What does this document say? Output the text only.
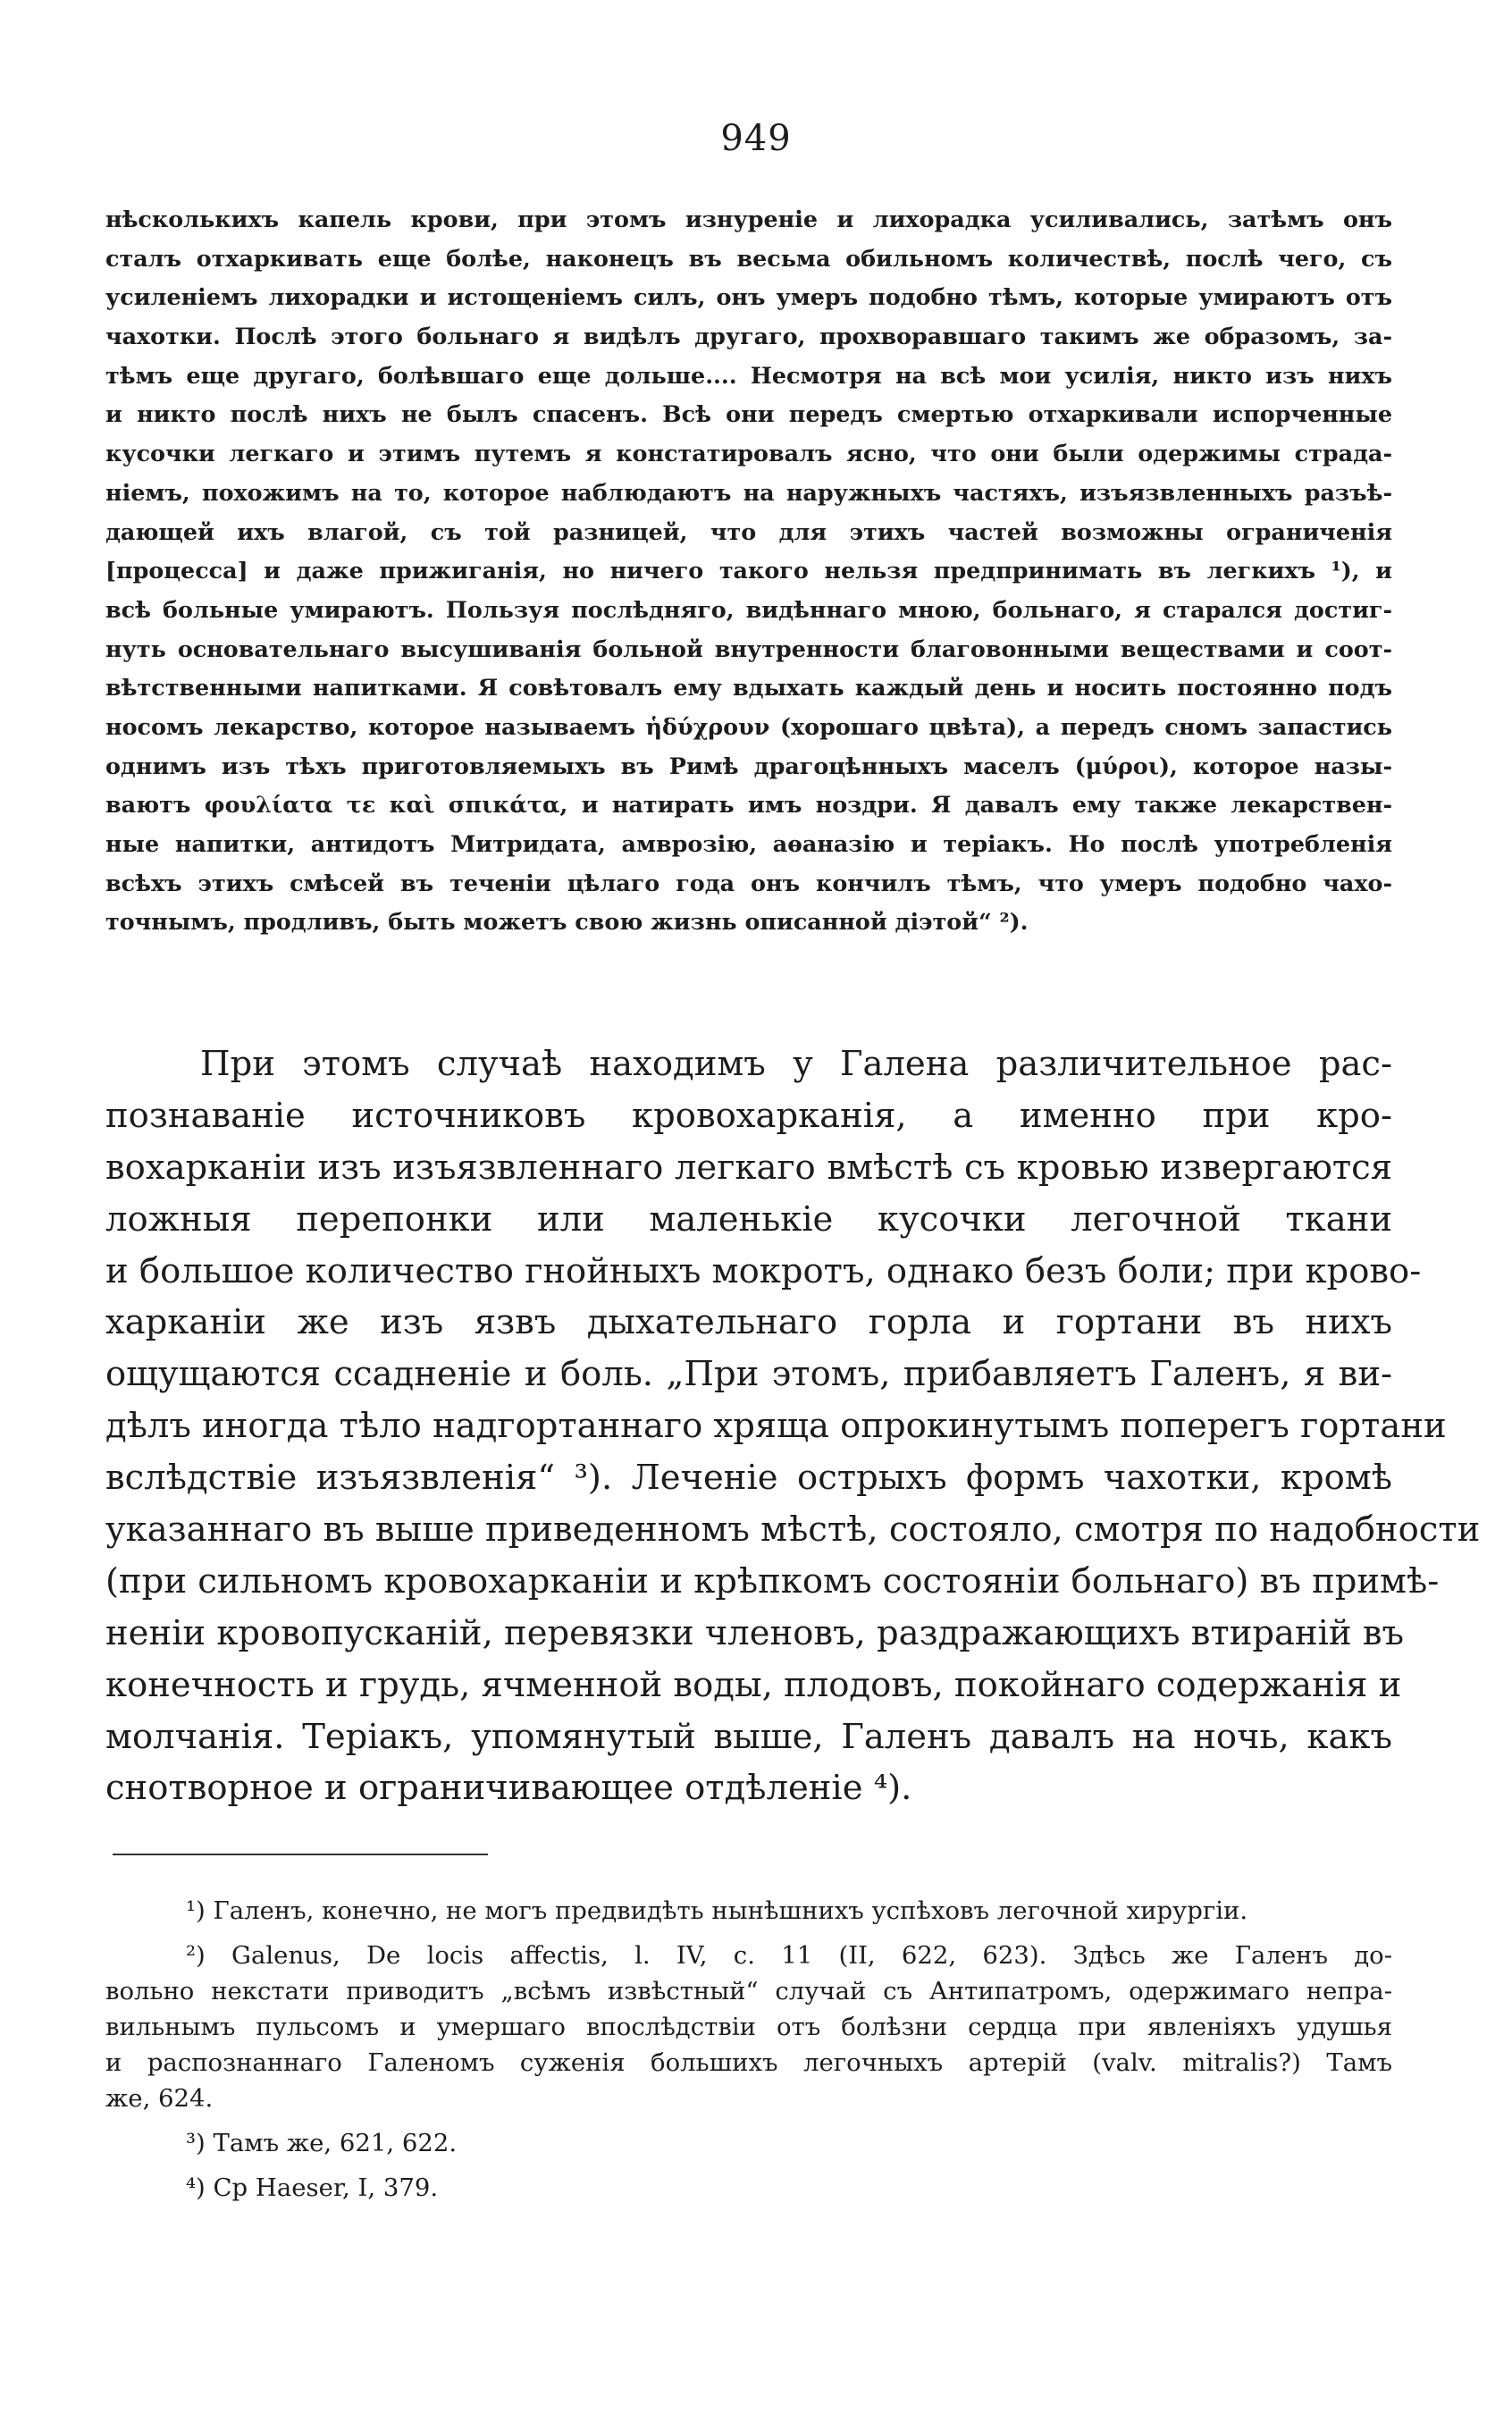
949
нѣсколькихъ капель крови, при этомъ изнуреніе и лихорадка усиливались, затѣмъ онъ
сталъ отхаркивать еще болѣе, наконецъ въ весьма обильномъ количествѣ, послѣ чего, съ
усиленіемъ лихорадки и истощеніемъ силъ, онъ умеръ подобно тѣмъ, которые умираютъ отъ
чахотки. Послѣ этого больнаго я видѣлъ другаго, прохворавшаго такимъ же образомъ, за-
тѣмъ еще другаго, болѣвшаго еще дольше.... Несмотря на всѣ мои усилія, никто изъ нихъ
и никто послѣ нихъ не былъ спасенъ. Всѣ они передъ смертью отхаркивали испорченные
кусочки легкаго и этимъ путемъ я констатировалъ ясно, что они были одержимы страда-
ніемъ, похожимъ на то, которое наблюдаютъ на наружныхъ частяхъ, изъязвленныхъ разъѣ-
дающей ихъ влагой, съ той разницей, что для этихъ частей возможны ограниченія
[процесса] и даже прижиганія, но ничего такого нельзя предпринимать въ легкихъ ¹), и
всѣ больные умираютъ. Пользуя послѣдняго, видѣннаго мною, больнаго, я старался достиг-
нуть основательнаго высушиванія больной внутренности благовонными веществами и соот-
вѣтственными напитками. Я совѣтовалъ ему вдыхать каждый день и носить постоянно подъ
носомъ лекарство, которое называемъ ἡδύχρουν (хорошаго цвѣта), а передъ сномъ запастись
однимъ изъ тѣхъ приготовляемыхъ въ Римѣ драгоцѣнныхъ маселъ (μύροι), которое назы-
ваютъ φουλίατα τε καὶ σπικάτα, и натирать имъ ноздри. Я давалъ ему также лекарствен-
ные напитки, антидотъ Митридата, амврозію, аѳаназію и теріакъ. Но послѣ употребленія
всѣхъ этихъ смѣсей въ теченіи цѣлаго года онъ кончилъ тѣмъ, что умеръ подобно чахо-
точнымъ, продливъ, быть можетъ свою жизнь описанной діэтой“ ²).
При этомъ случаѣ находимъ у Галена различительное рас-
познаваніе источниковъ кровохарканія, а именно при кро-
вохарканіи изъ изъязвленнаго легкаго вмѣстѣ съ кровью извергаются
ложныя перепонки или маленькіе кусочки легочной ткани
и большое количество гнойныхъ мокротъ, однако безъ боли; при крово-
харканіи же изъ язвъ дыхательнаго горла и гортани въ нихъ
ощущаются ссадненіе и боль. „При этомъ, прибавляетъ Галенъ, я ви-
дѣлъ иногда тѣло надгортаннаго хряща опрокинутымъ поперегъ гортани
вслѣдствіе изъязвленія“ ³). Леченіе острыхъ формъ чахотки, кромѣ
указаннаго въ выше приведенномъ мѣстѣ, состояло, смотря по надобности
(при сильномъ кровохарканіи и крѣпкомъ состояніи больнаго) въ примѣ-
неніи кровопусканій, перевязки членовъ, раздражающихъ втираній въ
конечность и грудь, ячменной воды, плодовъ, покойнаго содержанія и
молчанія. Теріакъ, упомянутый выше, Галенъ давалъ на ночь, какъ
снотворное и ограничивающее отдѣленіе ⁴).
¹) Галенъ, конечно, не могъ предвидѣть нынѣшнихъ успѣховъ легочной хирургіи.
²) Galenus, De locis affectis, l. IV, c. 11 (II, 622, 623). Здѣсь же Галенъ до-
вольно некстати приводитъ „всѣмъ извѣстный“ случай съ Антипатромъ, одержимаго непра-
вильнымъ пульсомъ и умершаго впослѣдствіи отъ болѣзни сердца при явленіяхъ удушья
и распознаннаго Галеномъ суженія большихъ легочныхъ артерій (valv. mitralis?) Тамъ
же, 624.
³) Тамъ же, 621, 622.
⁴) Ср Haeser, I, 379.
